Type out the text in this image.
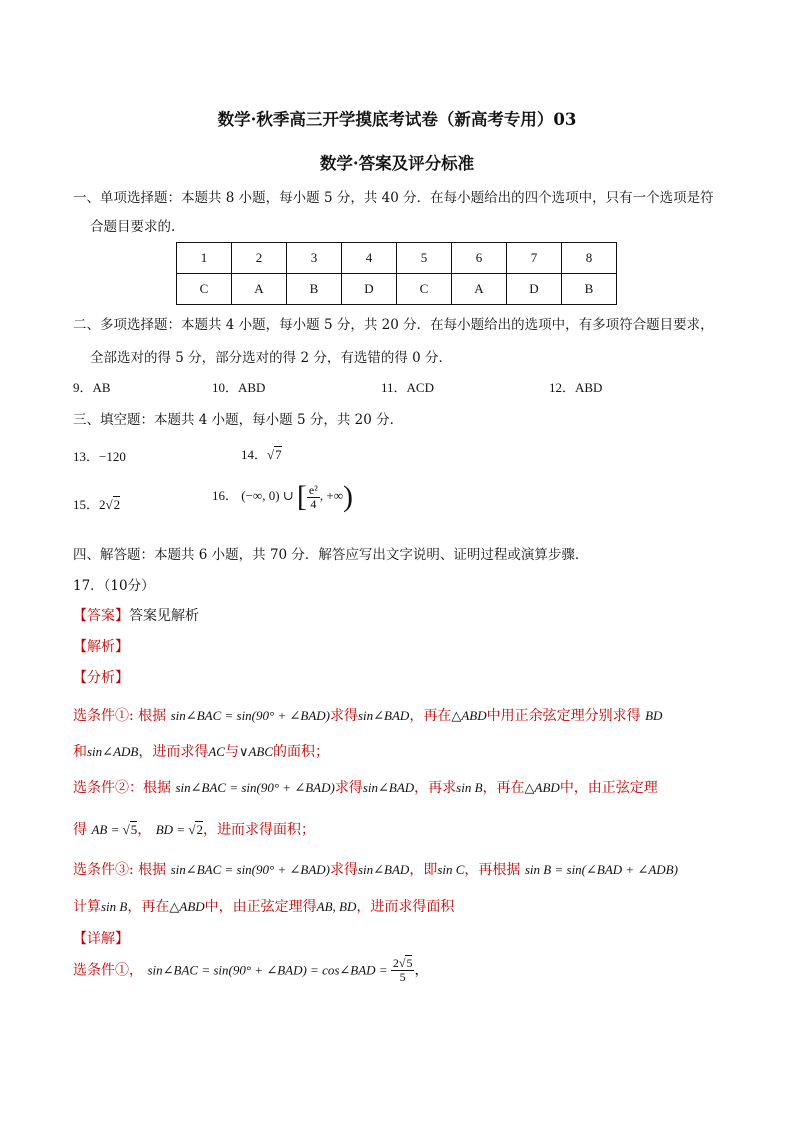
数学·秋季高三开学摸底考试卷（新高考专用）03
数学·答案及评分标准
一、单项选择题：本题共 8 小题，每小题 5 分，共 40 分．在每小题给出的四个选项中，只有一个选项是符
合题目要求的.
1	2	3	4	5	6	7	8
C	A	B	D	C	A	D	B
二、多项选择题：本题共 4 小题，每小题 5 分，共 20 分．在每小题给出的选项中，有多项符合题目要求，
全部选对的得 5 分，部分选对的得 2 分，有选错的得 0 分．
9．AB	10．ABD	11．ACD	12．ABD
三、填空题：本题共 4 小题，每小题 5 分，共 20 分．
13．−120	14．√7
15．2√2
16． (−∞, 0) ∪ [ $\frac{\text{e²}}{4}$ , +∞)
四、解答题：本题共 6 小题，共 70 分．解答应写出文字说明、证明过程或演算步骤．
17．（10分）
【答案】答案见解析
【解析】
【分析】
选条件①: 根据 sin∠BAC = sin(90° + ∠BAD)求得sin∠BAD，再在△ABD中用正余弦定理分别求得 BD
和sin∠ADB，进而求得AC与∨ABC的面积；
选条件②：根据 sin∠BAC = sin(90° + ∠BAD)求得sin∠BAD，再求sin B，再在△ABD中，由正弦定理
得 AB = √5， BD = √2，进而求得面积；
选条件③: 根据 sin∠BAC = sin(90° + ∠BAD)求得sin∠BAD，即sin C，再根据 sin B = sin(∠BAD + ∠ADB)
计算sin B，再在△ABD中，由正弦定理得AB, BD，进而求得面积
【详解】
选条件①， sin∠BAC = sin(90° + ∠BAD) = cos∠BAD = $\frac{2√5}{5}$ ，
